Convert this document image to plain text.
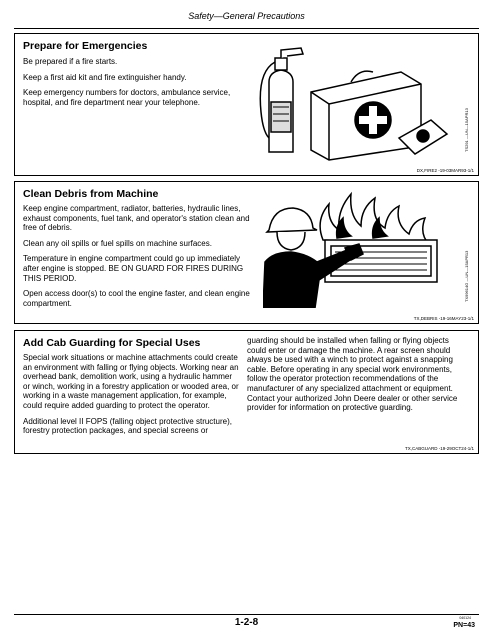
Safety—General Precautions
Prepare for Emergencies

Be prepared if a fire starts.

Keep a first aid kit and fire extinguisher handy.

Keep emergency numbers for doctors, ambulance service, hospital, and fire department near your telephone.

TS291 —UN—15APR13
DX,FIRE2 -19-03MAR93-1/1
Clean Debris from Machine

Keep engine compartment, radiator, batteries, hydraulic lines, exhaust components, fuel tank, and operator's station clean and free of debris.

Clean any oil spills or fuel spills on machine surfaces.

Temperature in engine compartment could go up immediately after engine is stopped. BE ON GUARD FOR FIRES DURING THIS PERIOD.

Open access door(s) to cool the engine faster, and clean engine compartment.

TX99614G —UN—15APR13
TX,DEBRIS -19-16MAY23-1/1
Add Cab Guarding for Special Uses

Special work situations or machine attachments could create an environment with falling or flying objects. Working near an overhead bank, demolition work, using a hydraulic hammer or winch, working in a forestry application or wooded area, or working in a waste management application, for example, could require added guarding to protect the operator.

Additional level II FOPS (falling object protective structure), forestry protection packages, and special screens or

guarding should be installed when falling or flying objects could enter or damage the machine. A rear screen should always be used with a winch to protect against a snapping cable. Before operating in any special work environments, follow the operator protection recommendations of the manufacturer of any specialized attachment or equipment. Contact your authorized John Deere dealer or other service provider for information on protective guarding.

TX,CABGUARD -19-29OCT24-1/1
1-2-8	040124
PN=43
